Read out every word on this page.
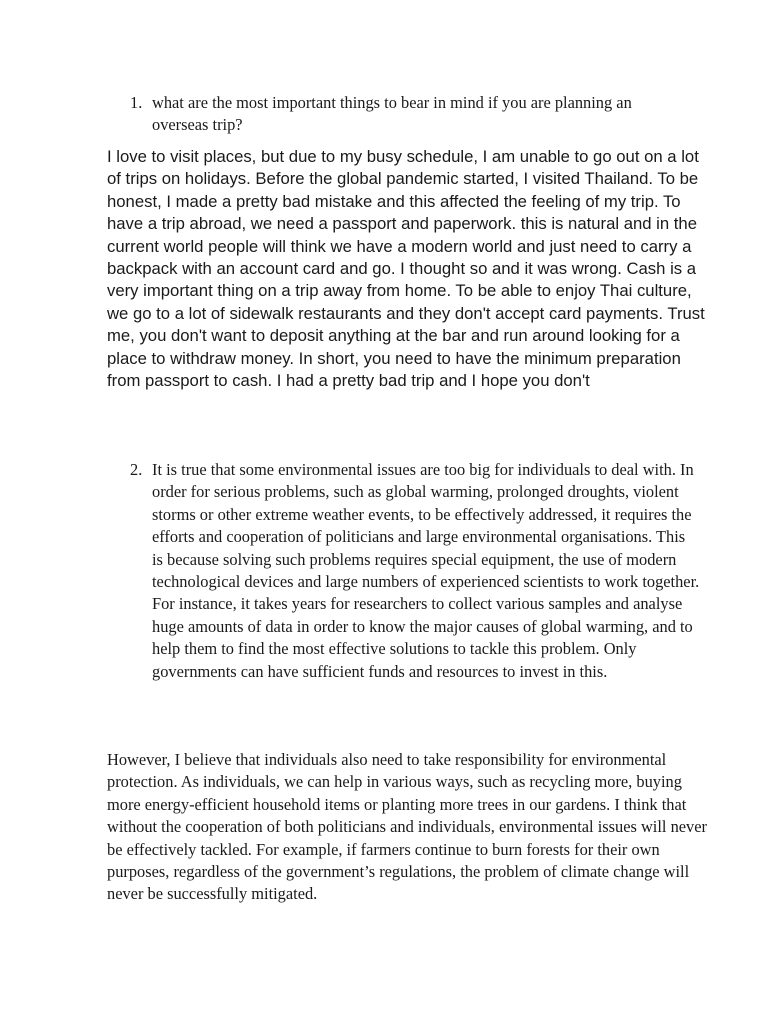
1. what are the most important things to bear in mind if you are planning an overseas trip?

I love to visit places, but due to my busy schedule, I am unable to go out on a lot of trips on holidays. Before the global pandemic started, I visited Thailand. To be honest, I made a pretty bad mistake and this affected the feeling of my trip. To have a trip abroad, we need a passport and paperwork. this is natural and in the current world people will think we have a modern world and just need to carry a backpack with an account card and go. I thought so and it was wrong. Cash is a very important thing on a trip away from home. To be able to enjoy Thai culture, we go to a lot of sidewalk restaurants and they don't accept card payments. Trust me, you don't want to deposit anything at the bar and run around looking for a place to withdraw money. In short, you need to have the minimum preparation from passport to cash. I had a pretty bad trip and I hope you don't

2. It is true that some environmental issues are too big for individuals to deal with. In order for serious problems, such as global warming, prolonged droughts, violent storms or other extreme weather events, to be effectively addressed, it requires the efforts and cooperation of politicians and large environmental organisations. This is because solving such problems requires special equipment, the use of modern technological devices and large numbers of experienced scientists to work together. For instance, it takes years for researchers to collect various samples and analyse huge amounts of data in order to know the major causes of global warming, and to help them to find the most effective solutions to tackle this problem. Only governments can have sufficient funds and resources to invest in this.

However, I believe that individuals also need to take responsibility for environmental protection. As individuals, we can help in various ways, such as recycling more, buying more energy-efficient household items or planting more trees in our gardens. I think that without the cooperation of both politicians and individuals, environmental issues will never be effectively tackled. For example, if farmers continue to burn forests for their own purposes, regardless of the government’s regulations, the problem of climate change will never be successfully mitigated.
